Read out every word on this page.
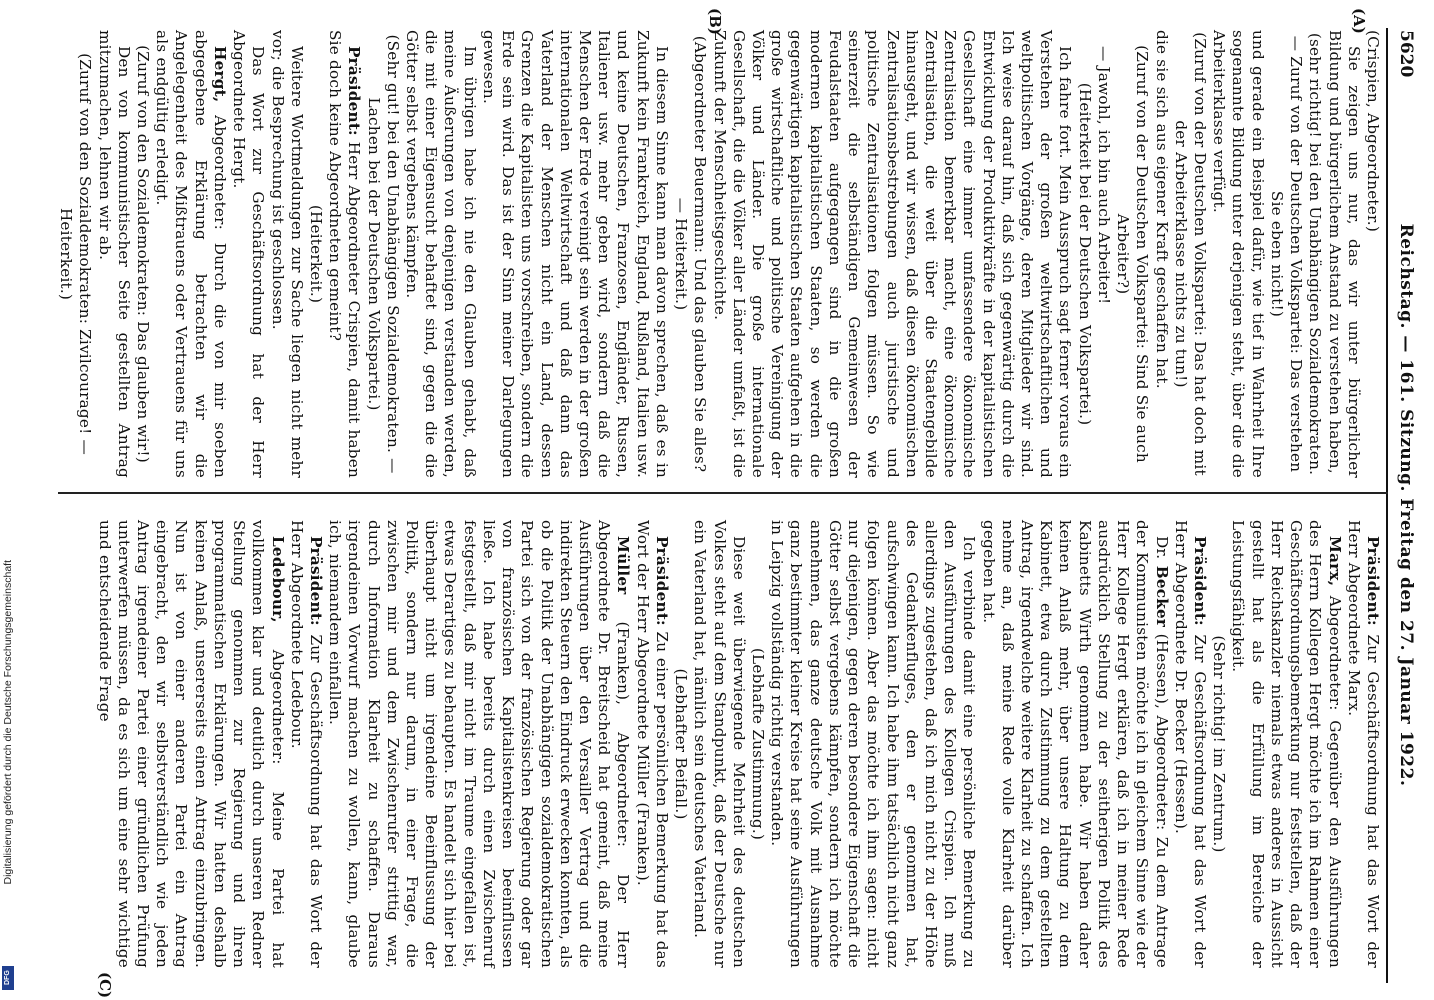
5620
Reichstag. — 161. Sitzung. Freitag den 27. Januar 1922.
(A)
(B)
(C)

(Crispien, Abgeordneter.)

Sie zeigen uns nur, das wir unter bürgerlicher Bildung und bürgerlichem Anstand zu verstehen haben,

(sehr richtig! bei den Unabhängigen Sozialdemokraten. — Zuruf von der Deutschen Volkspartei: Das verstehen Sie eben nicht!)

und gerade ein Beispiel dafür, wie tief in Wahrheit Ihre sogenannte Bildung unter derjenigen steht, über die die Arbeiterklasse verfügt.

(Zuruf von der Deutschen Volkspartei: Das hat doch mit der Arbeiterklasse nichts zu tun!)

die sie sich aus eigener Kraft geschaffen hat.

(Zuruf von der Deutschen Volkspartei: Sind Sie auch Arbeiter?)

— Jawohl, ich bin auch Arbeiter!

(Heiterkeit bei der Deutschen Volkspartei.)

Ich fahre fort. Mein Ausspruch sagt ferner voraus ein Verstehen der großen weltwirtschaftlichen und weltpolitischen Vorgänge, deren Mitglieder wir sind. Ich weise darauf hin, daß sich gegenwärtig durch die Entwicklung der Produktivkräfte in der kapitalistischen Gesellschaft eine immer umfassendere ökonomische Zentralisation bemerkbar macht, eine ökonomische Zentralisation, die weit über die Staatengebilde hinausgeht, und wir wissen, daß diesen ökonomischen Zentralisationsbestrebungen auch juristische und politische Zentralisationen folgen müssen. So wie seinerzeit die selbständigen Gemeinwesen der Feudalstaaten aufgegangen sind in die großen modernen kapitalistischen Staaten, so werden die gegenwärtigen kapitalistischen Staaten aufgehen in die große wirtschaftliche und politische Vereinigung der Völker und Länder. Die große internationale Gesellschaft, die die Völker aller Länder umfaßt, ist die Zukunft der Menschheitsgeschichte.

(Abgeordneter Beuermann: Und das glauben Sie alles? — Heiterkeit.)

In diesem Sinne kann man davon sprechen, daß es in Zukunft kein Frankreich, England, Rußland, Italien usw. und keine Deutschen, Franzosen, Engländer, Russen, Italiener usw. mehr geben wird, sondern daß die Menschen der Erde vereinigt sein werden in der großen internationalen Weltwirtschaft und daß dann das Vaterland der Menschen nicht ein Land, dessen Grenzen die Kapitalisten uns vorschreiben, sondern die Erde sein wird. Das ist der Sinn meiner Darlegungen gewesen.

Im übrigen habe ich nie den Glauben gehabt, daß meine Äußerungen von denjenigen verstanden werden, die mit einer Eigensucht behaftet sind, gegen die die Götter selbst vergebens kämpfen.

(Sehr gut! bei den Unabhängigen Sozialdemokraten. — Lachen bei der Deutschen Volkspartei.)

Präsident: Herr Abgeordneter Crispien, damit haben Sie doch keine Abgeordneten gemeint?

(Heiterkeit.)

Weitere Wortmeldungen zur Sache liegen nicht mehr vor; die Besprechung ist geschlossen.

Das Wort zur Geschäftsordnung hat der Herr Abgeordnete Hergt.

Hergt, Abgeordneter: Durch die von mir soeben abgegebene Erklärung betrachten wir die Angelegenheit des Mißtrauens oder Vertrauens für uns als endgültig erledigt.

(Zuruf von den Sozialdemokraten: Das glauben wir!)

Den von kommunistischer Seite gestellten Antrag mitzumachen, lehnen wir ab.

(Zuruf von den Sozialdemokraten: Zivilcourage! — Heiterkeit.)

Präsident: Zur Geschäftsordnung hat das Wort der Herr Abgeordnete Marx.

Marx, Abgeordneter: Gegenüber den Ausführungen des Herrn Kollegen Hergt möchte ich im Rahmen einer Geschäftsordnungsbemerkung nur feststellen, daß der Herr Reichskanzler niemals etwas anderes in Aussicht gestellt hat als die Erfüllung im Bereiche der Leistungsfähigkeit.

(Sehr richtig! im Zentrum.)

Präsident: Zur Geschäftsordnung hat das Wort der Herr Abgeordnete Dr. Becker (Hessen).

Dr. Becker (Hessen), Abgeordneter: Zu dem Antrage der Kommunisten möchte ich in gleichem Sinne wie der Herr Kollege Hergt erklären, daß ich in meiner Rede ausdrücklich Stellung zu der seitherigen Politik des Kabinetts Wirth genommen habe. Wir haben daher keinen Anlaß mehr, über unsere Haltung zu dem Kabinett, etwa durch Zustimmung zu dem gestellten Antrag, irgendwelche weitere Klarheit zu schaffen. Ich nehme an, daß meine Rede volle Klarheit darüber gegeben hat.

Ich verbinde damit eine persönliche Bemerkung zu den Ausführungen des Kollegen Crispien. Ich muß allerdings zugestehen, daß ich mich nicht zu der Höhe des Gedankenfluges, den er genommen hat, aufschwingen kann. Ich habe ihm tatsächlich nicht ganz folgen können. Aber das möchte ich ihm sagen: nicht nur diejenigen, gegen deren besondere Eigenschaft die Götter selbst vergebens kämpfen, sondern ich möchte annehmen, das ganze deutsche Volk mit Ausnahme ganz bestimmter kleiner Kreise hat seine Ausführungen in Leipzig vollständig richtig verstanden.

(Lebhafte Zustimmung.)

Diese weit überwiegende Mehrheit des deutschen Volkes steht auf dem Standpunkt, daß der Deutsche nur ein Vaterland hat, nämlich sein deutsches Vaterland.

(Lebhafter Beifall.)

Präsident: Zu einer persönlichen Bemerkung hat das Wort der Herr Abgeordnete Müller (Franken).

Müller (Franken), Abgeordneter: Der Herr Abgeordnete Dr. Breitscheid hat gemeint, daß meine Ausführungen über den Versailler Vertrag und die indirekten Steuern den Eindruck erwecken konnten, als ob die Politik der Unabhängigen sozialdemokratischen Partei sich von der französischen Regierung oder gar von französischen Kapitalistenkreisen beeinflussen ließe. Ich habe bereits durch einen Zwischenruf festgestellt, daß mir nicht im Traume eingefallen ist, etwas Derartiges zu behaupten. Es handelt sich hier bei überhaupt nicht um irgendeine Beeinflussung der Politik, sondern nur darum, in einer Frage, die zwischen mir und dem Zwischenrufer strittig war, durch Information Klarheit zu schaffen. Daraus irgendeinen Vorwurf machen zu wollen, kann, glaube ich, niemandem einfallen.

Präsident: Zur Geschäftsordnung hat das Wort der Herr Abgeordnete Ledebour.

Ledebour, Abgeordneter: Meine Partei hat vollkommen klar und deutlich durch unseren Redner Stellung genommen zur Regierung und ihren programmatischen Erklärungen. Wir hatten deshalb keinen Anlaß, unsererseits einen Antrag einzubringen. Nun ist von einer anderen Partei ein Antrag eingebracht, den wir selbstverständlich wie jeden Antrag irgendeiner Partei einer gründlichen Prüfung unterwerfen müssen, da es sich um eine sehr wichtige und entscheidende Frage

Digitalisierung gefördert durch die Deutsche Forschungsgemeinschaft
DFG
